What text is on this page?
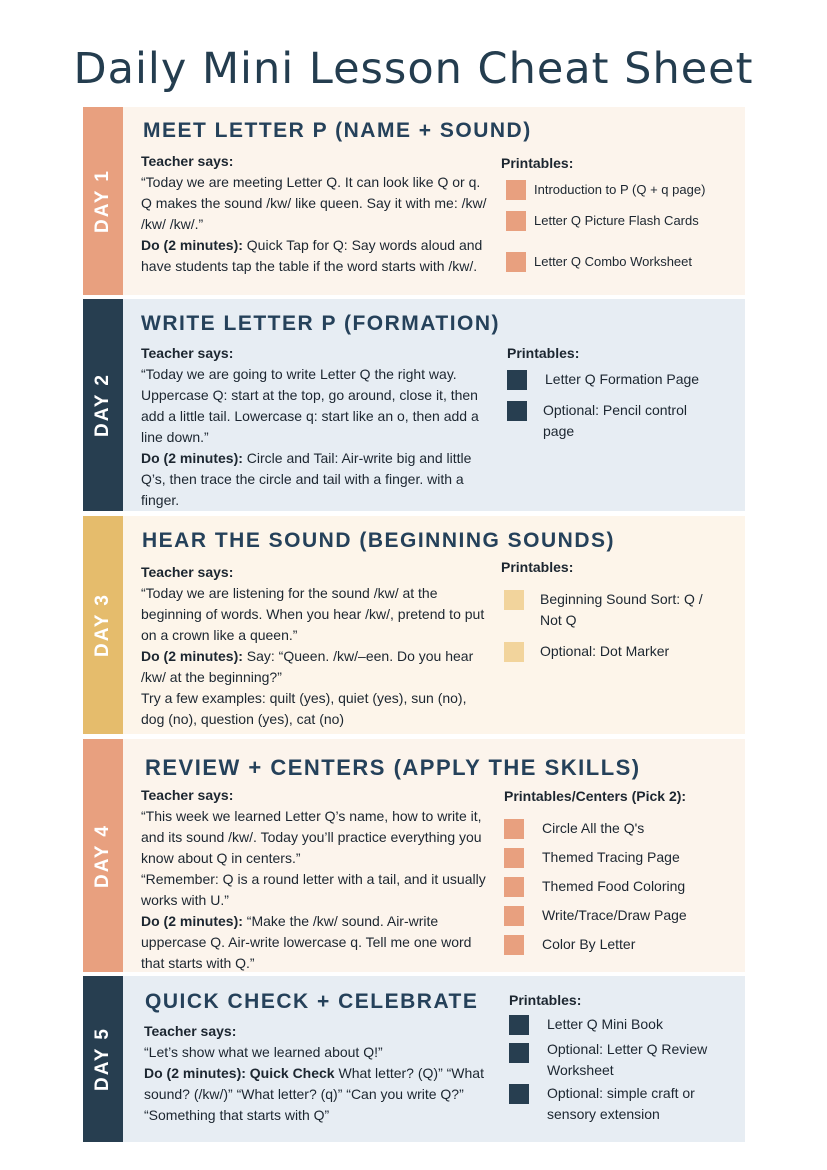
Daily Mini Lesson Cheat Sheet
DAY 1
MEET LETTER P (NAME + SOUND)

Teacher says:

“Today we are meeting Letter Q. It can look like Q or q. Q makes the sound /kw/ like queen. Say it with me: /kw/ /kw/ /kw/.”

Do (2 minutes): Quick Tap for Q: Say words aloud and have students tap the table if the word starts with /kw/.

Printables:
Introduction to P (Q + q page)
Letter Q Picture Flash Cards
Letter Q Combo Worksheet
DAY 2
WRITE LETTER P (FORMATION)

Teacher says:

“Today we are going to write Letter Q the right way. Uppercase Q: start at the top, go around, close it, then add a little tail. Lowercase q: start like an o, then add a line down.”

Do (2 minutes): Circle and Tail: Air-write big and little Q’s, then trace the circle and tail with a finger. with a finger.

Printables:
Letter Q Formation Page
Optional: Pencil control page
DAY 3
HEAR THE SOUND (BEGINNING SOUNDS)

Teacher says:

“Today we are listening for the sound /kw/ at the beginning of words. When you hear /kw/, pretend to put on a crown like a queen.”

Do (2 minutes): Say: “Queen. /kw/–een. Do you hear /kw/ at the beginning?”

Try a few examples: quilt (yes), quiet (yes), sun (no), dog (no), question (yes), cat (no)

Printables:
Beginning Sound Sort: Q / Not Q
Optional: Dot Marker
DAY 4
REVIEW + CENTERS (APPLY THE SKILLS)

Teacher says:

“This week we learned Letter Q’s name, how to write it, and its sound /kw/. Today you’ll practice everything you know about Q in centers.”

“Remember: Q is a round letter with a tail, and it usually works with U.”

Do (2 minutes): “Make the /kw/ sound. Air-write uppercase Q. Air-write lowercase q. Tell me one word that starts with Q.”

Printables/Centers (Pick 2):
Circle All the Q's
Themed Tracing Page
Themed Food Coloring
Write/Trace/Draw Page
Color By Letter
DAY 5
QUICK CHECK + CELEBRATE

Teacher says:

“Let’s show what we learned about Q!”

Do (2 minutes): Quick Check What letter? (Q)” “What sound? (/kw/)” “What letter? (q)” “Can you write Q?” “Something that starts with Q”

Printables:
Letter Q Mini Book
Optional: Letter Q Review Worksheet
Optional: simple craft or sensory extension
